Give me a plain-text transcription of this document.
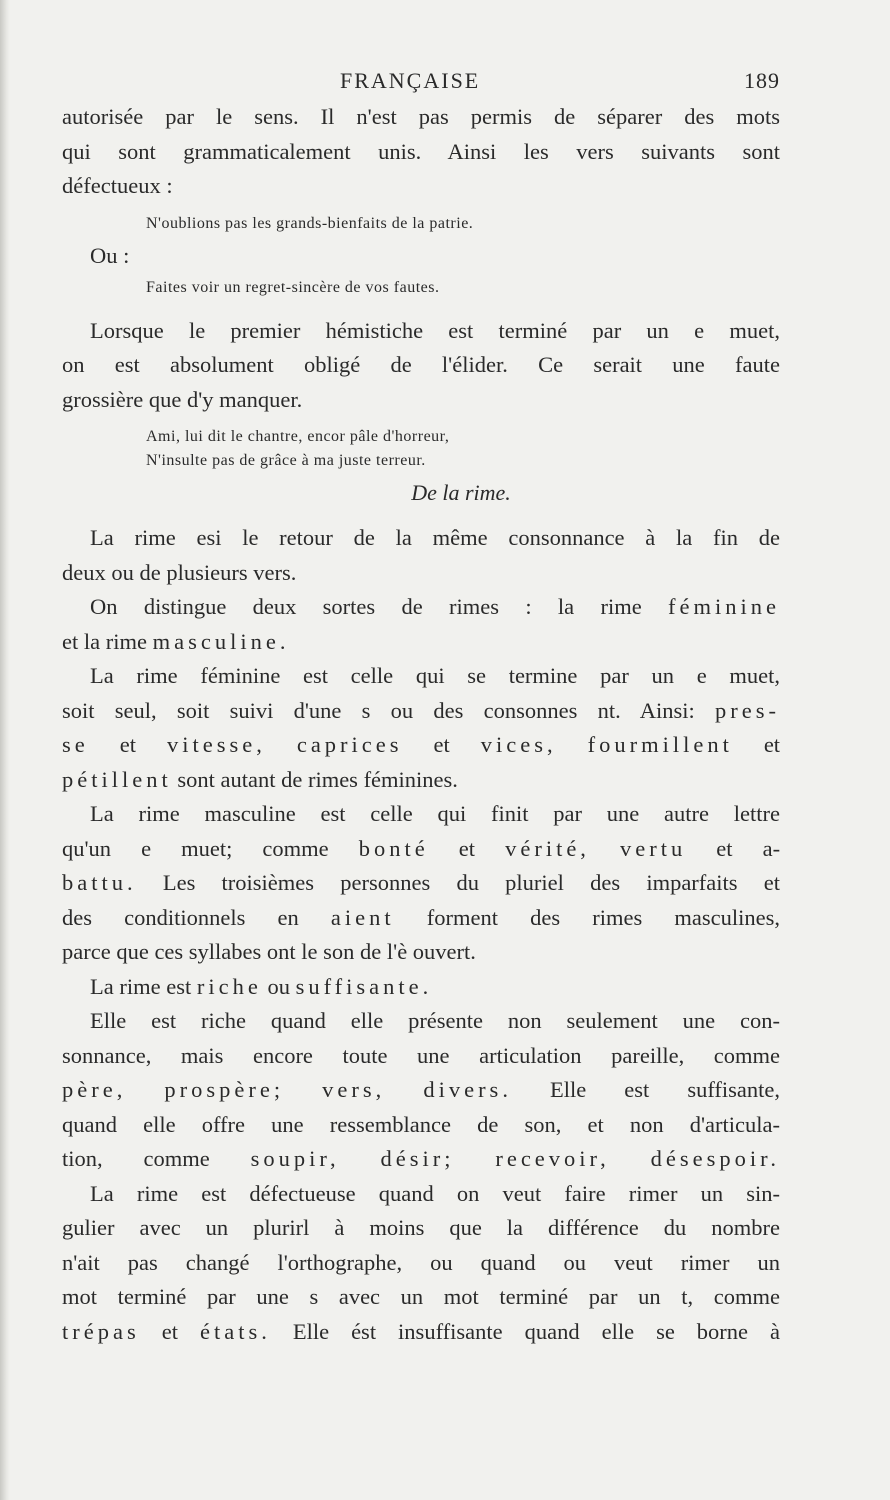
FRANÇAISE	189
autorisée par le sens. Il n'est pas permis de séparer des mots
qui sont grammaticalement unis. Ainsi les vers suivants sont
défectueux :
N'oublions pas les grands-bienfaits de la patrie.
Ou :
Faites voir un regret-sincère de vos fautes.
Lorsque le premier hémistiche est terminé par un e muet,
on est absolument obligé de l'élider. Ce serait une faute
grossière que d'y manquer.
Ami, lui dit le chantre, encor pâle d'horreur,
N'insulte pas de grâce à ma juste terreur.
De la rime.
La rime esi le retour de la même consonnance à la fin de
deux ou de plusieurs vers.
On distingue deux sortes de rimes : la rime féminine
et la rime masculine.
La rime féminine est celle qui se termine par un e muet,
soit seul, soit suivi d'une s ou des consonnes nt. Ainsi: pres-
se et vitesse, caprices et vices, fourmillent et
pétillent sont autant de rimes féminines.
La rime masculine est celle qui finit par une autre lettre
qu'un e muet; comme bonté et vérité, vertu et a-
battu. Les troisièmes personnes du pluriel des imparfaits et
des conditionnels en aient forment des rimes masculines,
parce que ces syllabes ont le son de l'è ouvert.
La rime est riche ou suffisante.
Elle est riche quand elle présente non seulement une con-
sonnance, mais encore toute une articulation pareille, comme
père, prospère; vers, divers. Elle est suffisante,
quand elle offre une ressemblance de son, et non d'articula-
tion, comme soupir, désir; recevoir, désespoir.
La rime est défectueuse quand on veut faire rimer un sin-
gulier avec un plurirl à moins que la différence du nombre
n'ait pas changé l'orthographe, ou quand ou veut rimer un
mot terminé par une s avec un mot terminé par un t, comme
trépas et états. Elle ést insuffisante quand elle se borne à
